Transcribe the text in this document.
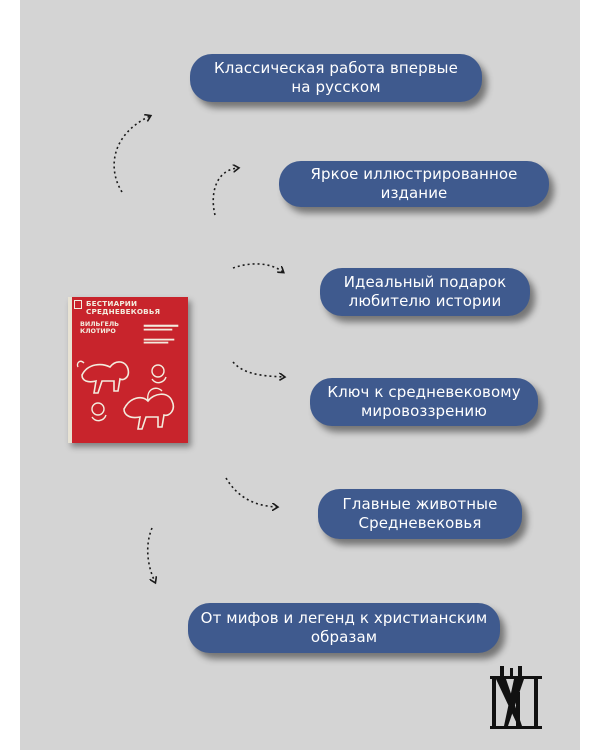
Классическая работа впервые
на русском
Яркое иллюстрированное
издание
Идеальный подарок
любителю истории
Ключ к средневековому
мировоззрению
Главные животные
Средневековья
От мифов и легенд к христианским
образам
БЕСТИАРИИ
СРЕДНЕВЕКОВЬЯ
ВИЛЬГЕЛЬ
КЛОТИРО
